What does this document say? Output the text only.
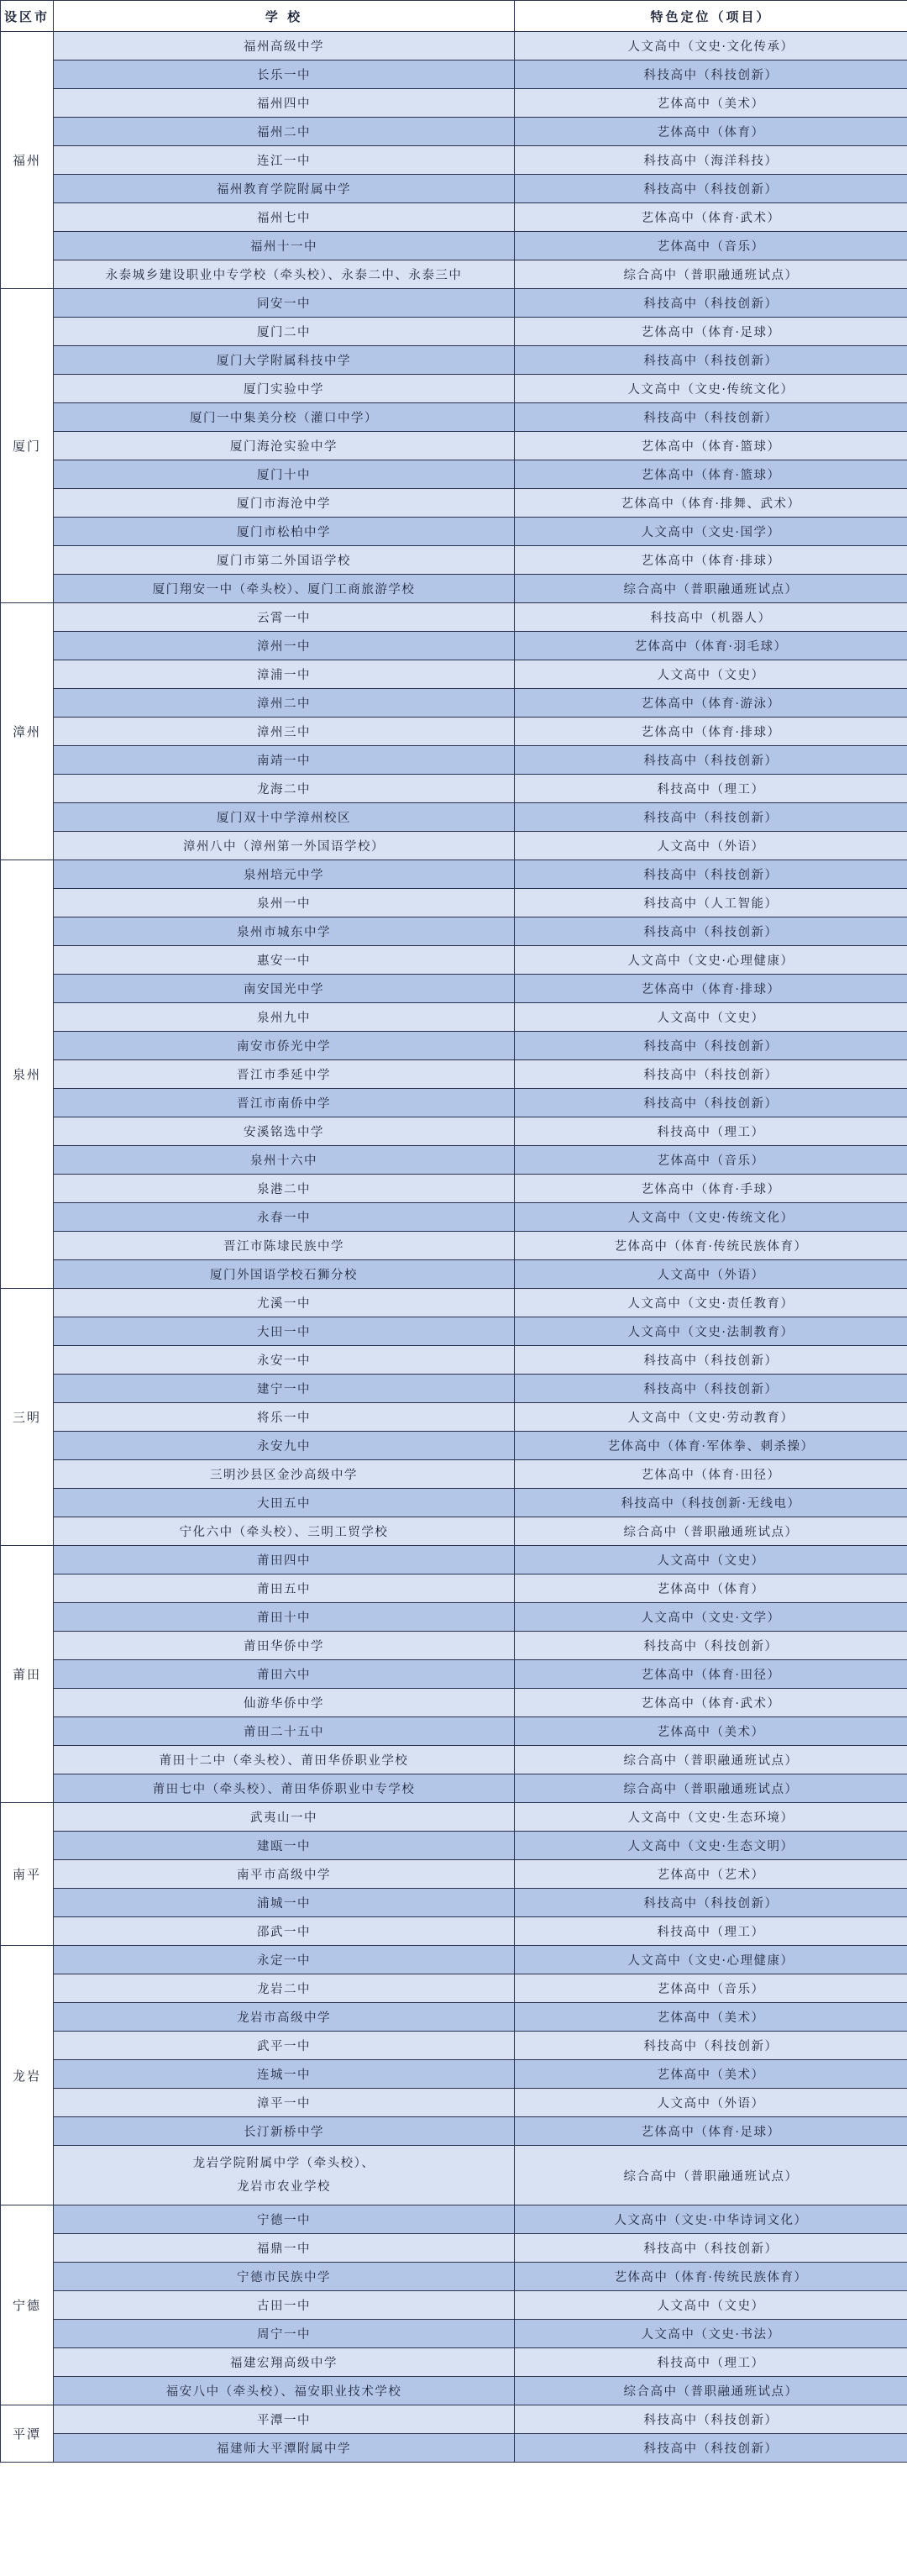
设区市	学 校	特色定位（项目）
福州	福州高级中学	人文高中（文史·文化传承）
	长乐一中	科技高中（科技创新）
	福州四中	艺体高中（美术）
	福州二中	艺体高中（体育）
	连江一中	科技高中（海洋科技）
	福州教育学院附属中学	科技高中（科技创新）
	福州七中	艺体高中（体育·武术）
	福州十一中	艺体高中（音乐）
	永泰城乡建设职业中专学校（牵头校）、永泰二中、永泰三中	综合高中（普职融通班试点）
厦门	同安一中	科技高中（科技创新）
	厦门二中	艺体高中（体育·足球）
	厦门大学附属科技中学	科技高中（科技创新）
	厦门实验中学	人文高中（文史·传统文化）
	厦门一中集美分校（灌口中学）	科技高中（科技创新）
	厦门海沧实验中学	艺体高中（体育·篮球）
	厦门十中	艺体高中（体育·篮球）
	厦门市海沧中学	艺体高中（体育·排舞、武术）
	厦门市松柏中学	人文高中（文史·国学）
	厦门市第二外国语学校	艺体高中（体育·排球）
	厦门翔安一中（牵头校）、厦门工商旅游学校	综合高中（普职融通班试点）
漳州	云霄一中	科技高中（机器人）
	漳州一中	艺体高中（体育·羽毛球）
	漳浦一中	人文高中（文史）
	漳州二中	艺体高中（体育·游泳）
	漳州三中	艺体高中（体育·排球）
	南靖一中	科技高中（科技创新）
	龙海二中	科技高中（理工）
	厦门双十中学漳州校区	科技高中（科技创新）
	漳州八中（漳州第一外国语学校）	人文高中（外语）
泉州	泉州培元中学	科技高中（科技创新）
	泉州一中	科技高中（人工智能）
	泉州市城东中学	科技高中（科技创新）
	惠安一中	人文高中（文史·心理健康）
	南安国光中学	艺体高中（体育·排球）
	泉州九中	人文高中（文史）
	南安市侨光中学	科技高中（科技创新）
	晋江市季延中学	科技高中（科技创新）
	晋江市南侨中学	科技高中（科技创新）
	安溪铭选中学	科技高中（理工）
	泉州十六中	艺体高中（音乐）
	泉港二中	艺体高中（体育·手球）
	永春一中	人文高中（文史·传统文化）
	晋江市陈埭民族中学	艺体高中（体育·传统民族体育）
	厦门外国语学校石狮分校	人文高中（外语）
三明	尤溪一中	人文高中（文史·责任教育）
	大田一中	人文高中（文史·法制教育）
	永安一中	科技高中（科技创新）
	建宁一中	科技高中（科技创新）
	将乐一中	人文高中（文史·劳动教育）
	永安九中	艺体高中（体育·军体拳、刺杀操）
	三明沙县区金沙高级中学	艺体高中（体育·田径）
	大田五中	科技高中（科技创新·无线电）
	宁化六中（牵头校）、三明工贸学校	综合高中（普职融通班试点）
莆田	莆田四中	人文高中（文史）
	莆田五中	艺体高中（体育）
	莆田十中	人文高中（文史·文学）
	莆田华侨中学	科技高中（科技创新）
	莆田六中	艺体高中（体育·田径）
	仙游华侨中学	艺体高中（体育·武术）
	莆田二十五中	艺体高中（美术）
	莆田十二中（牵头校）、莆田华侨职业学校	综合高中（普职融通班试点）
	莆田七中（牵头校）、莆田华侨职业中专学校	综合高中（普职融通班试点）
南平	武夷山一中	人文高中（文史·生态环境）
	建瓯一中	人文高中（文史·生态文明）
	南平市高级中学	艺体高中（艺术）
	浦城一中	科技高中（科技创新）
	邵武一中	科技高中（理工）
龙岩	永定一中	人文高中（文史·心理健康）
	龙岩二中	艺体高中（音乐）
	龙岩市高级中学	艺体高中（美术）
	武平一中	科技高中（科技创新）
	连城一中	艺体高中（美术）
	漳平一中	人文高中（外语）
	长汀新桥中学	艺体高中（体育·足球）

	龙岩学院附属中学（牵头校）、
龙岩市农业学校	综合高中（普职融通班试点）
宁德	宁德一中	人文高中（文史·中华诗词文化）
	福鼎一中	科技高中（科技创新）
	宁德市民族中学	艺体高中（体育·传统民族体育）
	古田一中	人文高中（文史）
	周宁一中	人文高中（文史·书法）
	福建宏翔高级中学	科技高中（理工）
	福安八中（牵头校）、福安职业技术学校	综合高中（普职融通班试点）
平潭	平潭一中	科技高中（科技创新）
	福建师大平潭附属中学	科技高中（科技创新）
